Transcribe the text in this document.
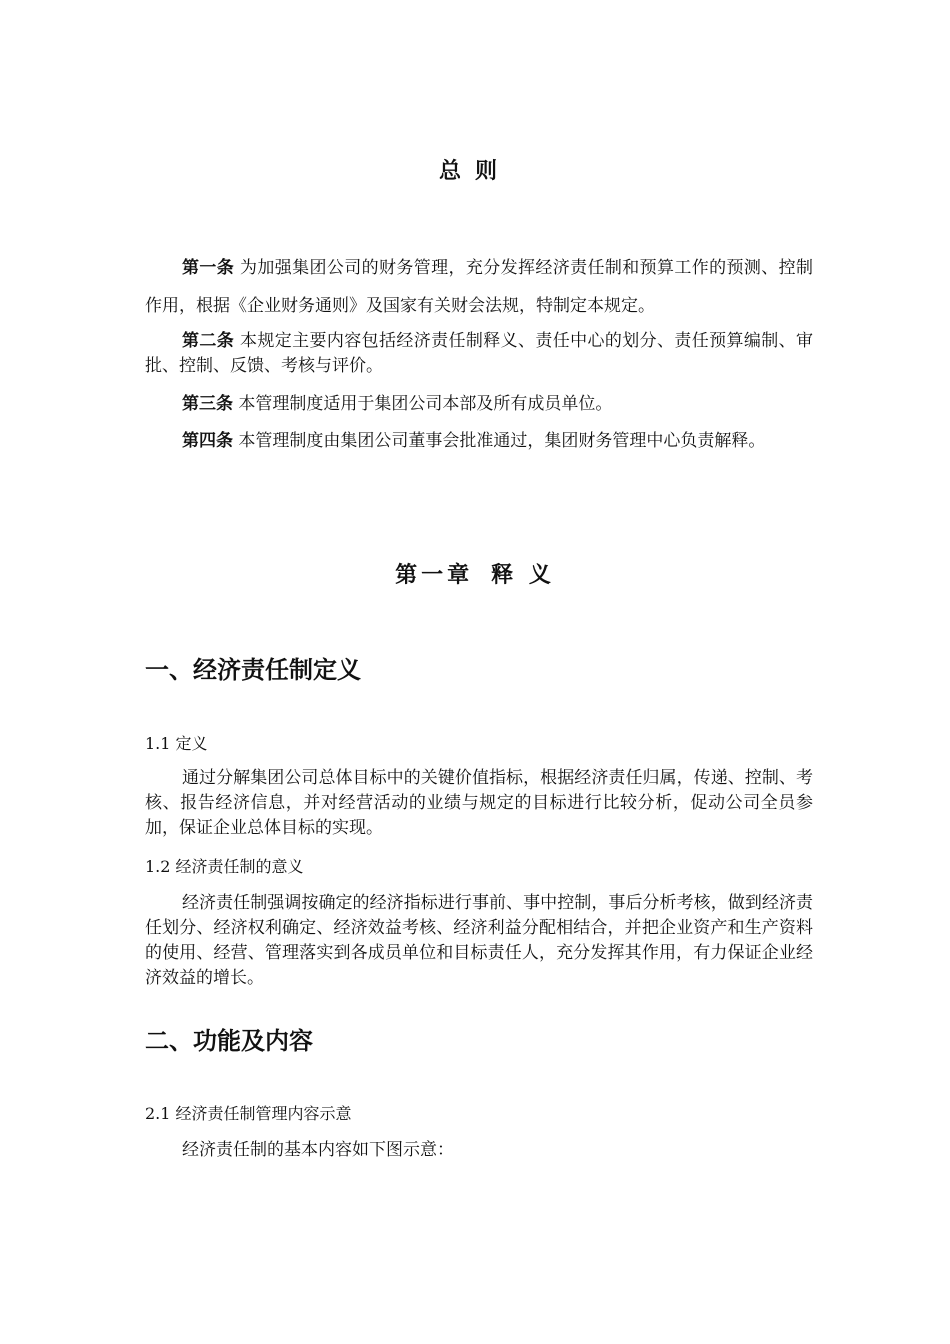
总则
第一条 为加强集团公司的财务管理，充分发挥经济责任制和预算工作的预测、控制作用，根据《企业财务通则》及国家有关财会法规，特制定本规定。
第二条 本规定主要内容包括经济责任制释义、责任中心的划分、责任预算编制、审批、控制、反馈、考核与评价。
第三条 本管理制度适用于集团公司本部及所有成员单位。
第四条 本管理制度由集团公司董事会批准通过，集团财务管理中心负责解释。
第一章 释 义
一、经济责任制定义
1.1 定义
通过分解集团公司总体目标中的关键价值指标，根据经济责任归属，传递、控制、考核、报告经济信息，并对经营活动的业绩与规定的目标进行比较分析，促动公司全员参加，保证企业总体目标的实现。
1.2 经济责任制的意义
经济责任制强调按确定的经济指标进行事前、事中控制，事后分析考核，做到经济责任划分、经济权利确定、经济效益考核、经济利益分配相结合，并把企业资产和生产资料的使用、经营、管理落实到各成员单位和目标责任人，充分发挥其作用，有力保证企业经济效益的增长。
二、功能及内容
2.1 经济责任制管理内容示意
经济责任制的基本内容如下图示意：
